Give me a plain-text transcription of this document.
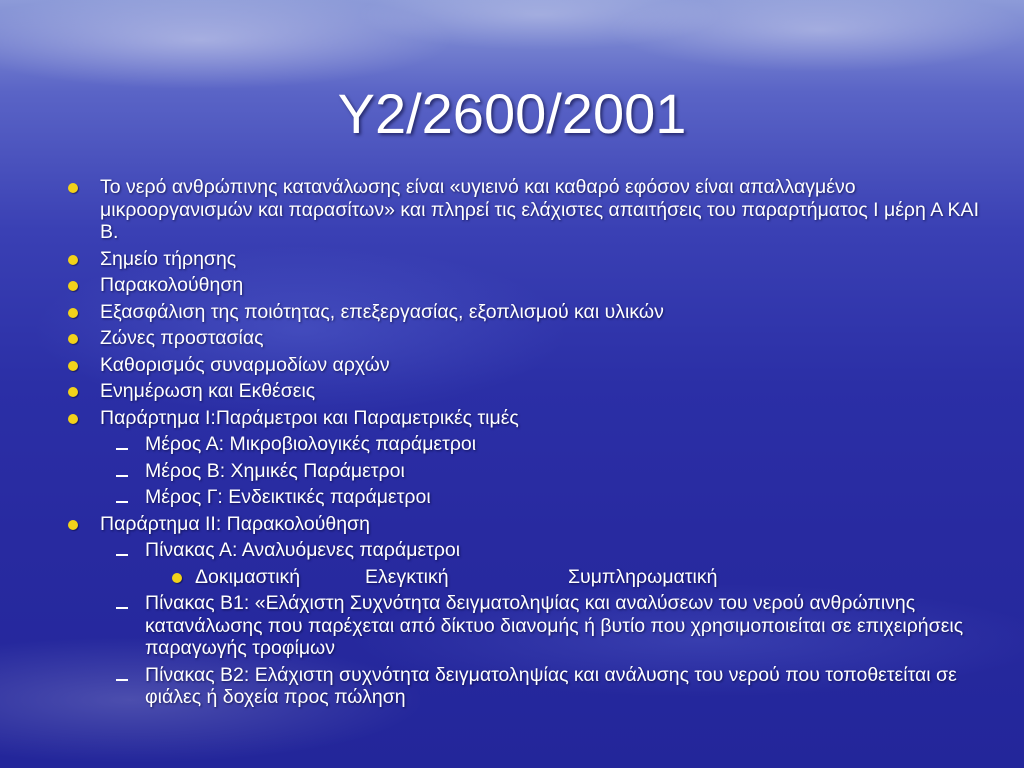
Y2/2600/2001
Το νερό ανθρώπινης κατανάλωσης είναι «υγιεινό και καθαρό εφόσον είναι απαλλαγμένο μικροοργανισμών και παρασίτων» και πληρεί τις ελάχιστες απαιτήσεις του παραρτήματος Ι μέρη Α ΚΑΙ Β.
Σημείο τήρησης
Παρακολούθηση
Εξασφάλιση της ποιότητας, επεξεργασίας, εξοπλισμού και υλικών
Ζώνες προστασίας
Καθορισμός συναρμοδίων αρχών
Ενημέρωση και Εκθέσεις
Παράρτημα Ι:Παράμετροι και Παραμετρικές τιμές
Μέρος Α: Μικροβιολογικές παράμετροι
Μέρος Β: Χημικές Παράμετροι
Μέρος Γ: Ενδεικτικές παράμετροι
Παράρτημα ΙΙ: Παρακολούθηση
Πίνακας Α: Αναλυόμενες παράμετροι
Δοκιμαστική	Ελεγκτική	Συμπληρωματική
Πίνακας Β1: «Ελάχιστη Συχνότητα δειγματοληψίας και αναλύσεων του νερού ανθρώπινης κατανάλωσης που παρέχεται από δίκτυο διανομής ή βυτίο που χρησιμοποιείται σε επιχειρήσεις παραγωγής τροφίμων
Πίνακας Β2: Ελάχιστη συχνότητα δειγματοληψίας και ανάλυσης του νερού που τοποθετείται σε φιάλες ή δοχεία προς πώληση
